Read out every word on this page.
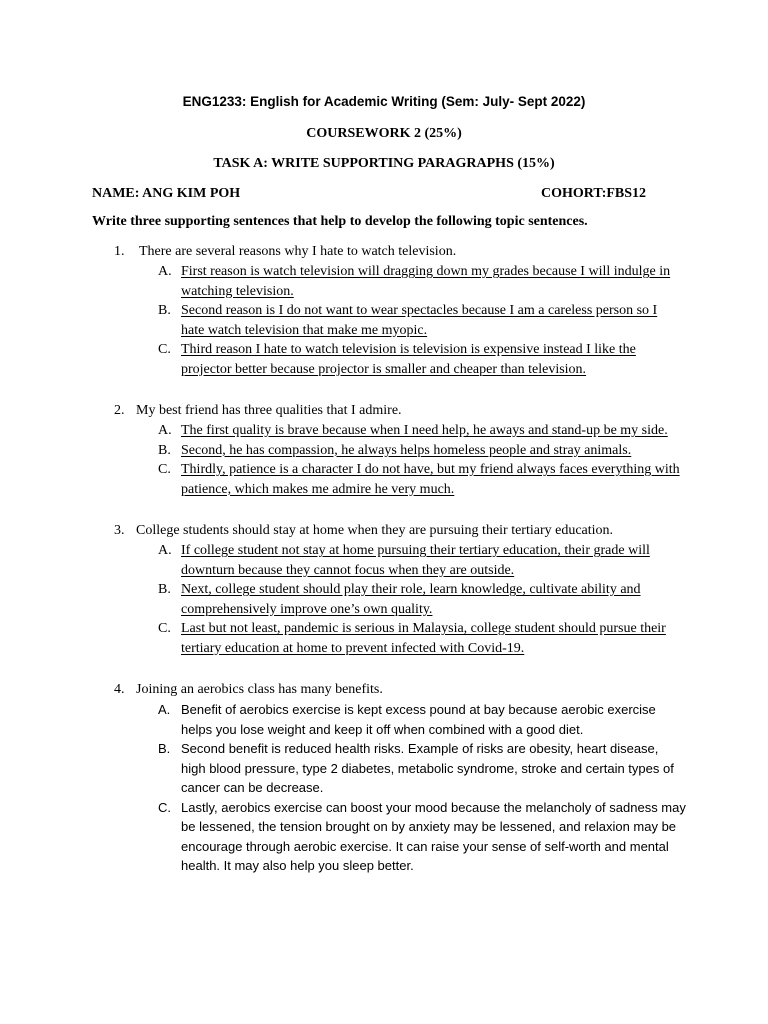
ENG1233: English for Academic Writing (Sem: July- Sept 2022)
COURSEWORK 2 (25%)
TASK A: WRITE SUPPORTING PARAGRAPHS (15%)
NAME: ANG KIM POH	COHORT:FBS12
Write three supporting sentences that help to develop the following topic sentences.
1. There are several reasons why I hate to watch television.
A. First reason is watch television will dragging down my grades because I will indulge in watching television.
B. Second reason is I do not want to wear spectacles because I am a careless person so I hate watch television that make me myopic.
C. Third reason I hate to watch television is television is expensive instead I like the projector better because projector is smaller and cheaper than television.
2. My best friend has three qualities that I admire.
A. The first quality is brave because when I need help, he aways and stand-up be my side.
B. Second, he has compassion, he always helps homeless people and stray animals.
C. Thirdly, patience is a character I do not have, but my friend always faces everything with patience, which makes me admire he very much.
3. College students should stay at home when they are pursuing their tertiary education.
A. If college student not stay at home pursuing their tertiary education, their grade will downturn because they cannot focus when they are outside.
B. Next, college student should play their role, learn knowledge, cultivate ability and comprehensively improve one’s own quality.
C. Last but not least, pandemic is serious in Malaysia, college student should pursue their tertiary education at home to prevent infected with Covid-19.
4. Joining an aerobics class has many benefits.
A. Benefit of aerobics exercise is kept excess pound at bay because aerobic exercise helps you lose weight and keep it off when combined with a good diet.
B. Second benefit is reduced health risks. Example of risks are obesity, heart disease, high blood pressure, type 2 diabetes, metabolic syndrome, stroke and certain types of cancer can be decrease.
C. Lastly, aerobics exercise can boost your mood because the melancholy of sadness may be lessened, the tension brought on by anxiety may be lessened, and relaxion may be encourage through aerobic exercise. It can raise your sense of self-worth and mental health. It may also help you sleep better.
